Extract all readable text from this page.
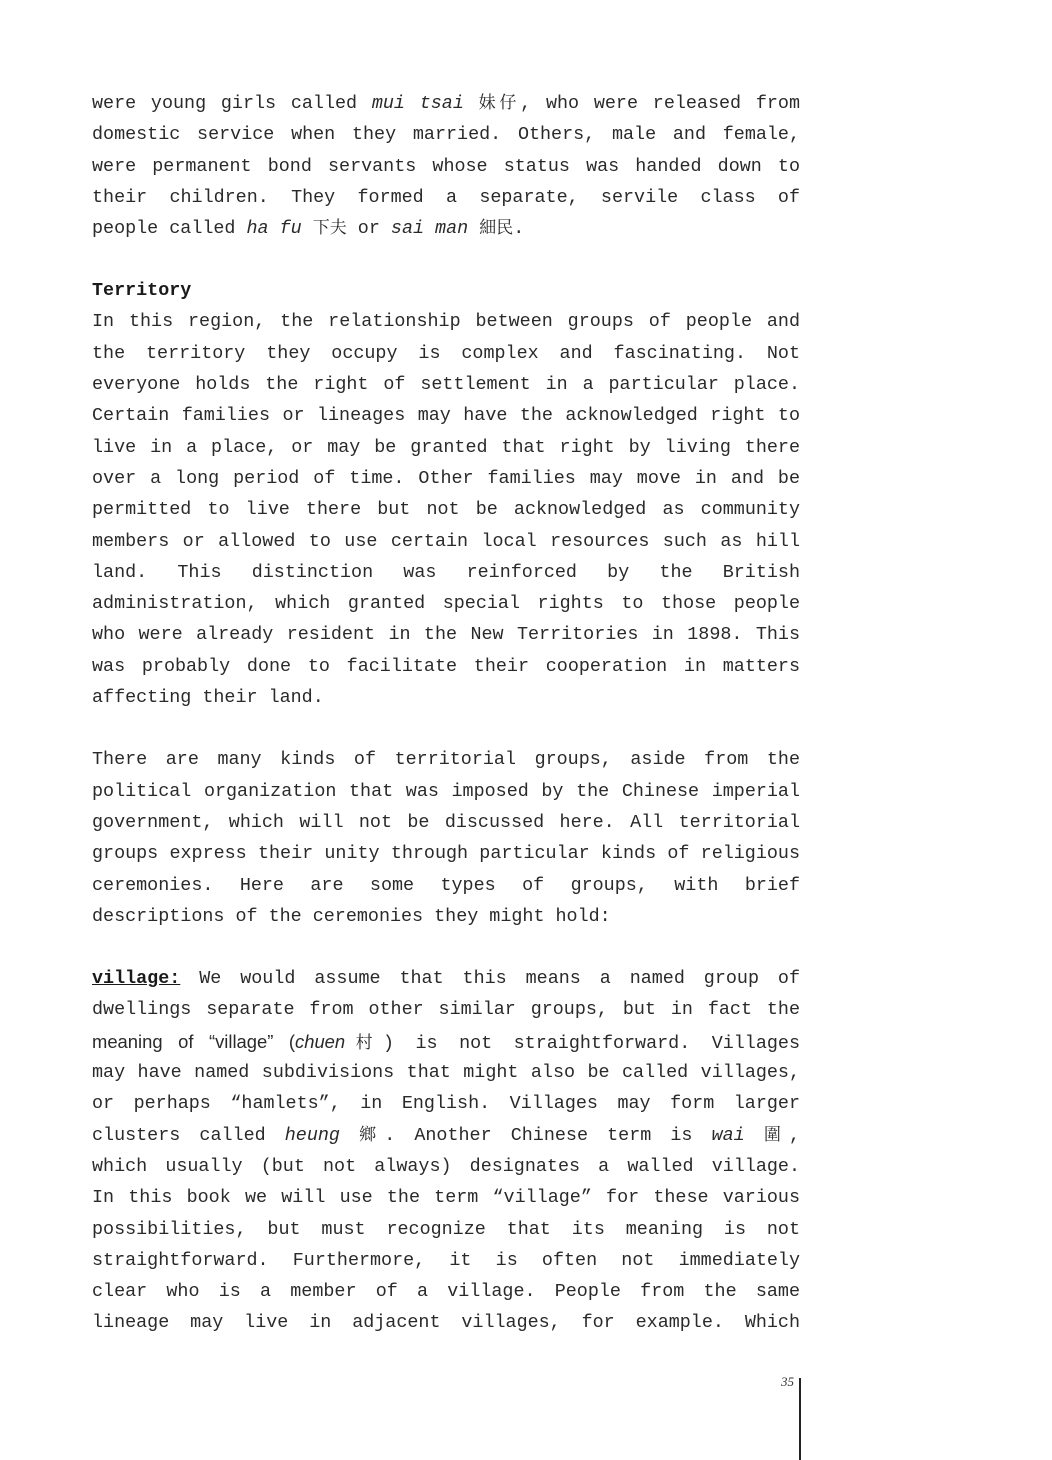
were young girls called mui tsai 妹仔, who were released from
domestic service when they married. Others, male and female,
were permanent bond servants whose status was handed down to
their children. They formed a separate, servile class of
people called ha fu 下夫 or sai man 細民.

Territory

In this region, the relationship between groups of people and
the territory they occupy is complex and fascinating. Not
everyone holds the right of settlement in a particular place.
Certain families or lineages may have the acknowledged right to
live in a place, or may be granted that right by living there
over a long period of time. Other families may move in and be
permitted to live there but not be acknowledged as community
members or allowed to use certain local resources such as hill
land. This distinction was reinforced by the British
administration, which granted special rights to those people
who were already resident in the New Territories in 1898. This
was probably done to facilitate their cooperation in matters
affecting their land.

There are many kinds of territorial groups, aside from the
political organization that was imposed by the Chinese imperial
government, which will not be discussed here. All territorial
groups express their unity through particular kinds of religious
ceremonies. Here are some types of groups, with brief
descriptions of the ceremonies they might hold:

village: We would assume that this means a named group of
dwellings separate from other similar groups, but in fact the
meaning of “village” (chuen村) is not straightforward. Villages
may have named subdivisions that might also be called villages,
or perhaps “hamlets”, in English. Villages may form larger
clusters called heung 鄉. Another Chinese term is wai 圍,
which usually (but not always) designates a walled village.
In this book we will use the term “village” for these various
possibilities, but must recognize that its meaning is not
straightforward. Furthermore, it is often not immediately
clear who is a member of a village. People from the same
lineage may live in adjacent villages, for example. Which

35
